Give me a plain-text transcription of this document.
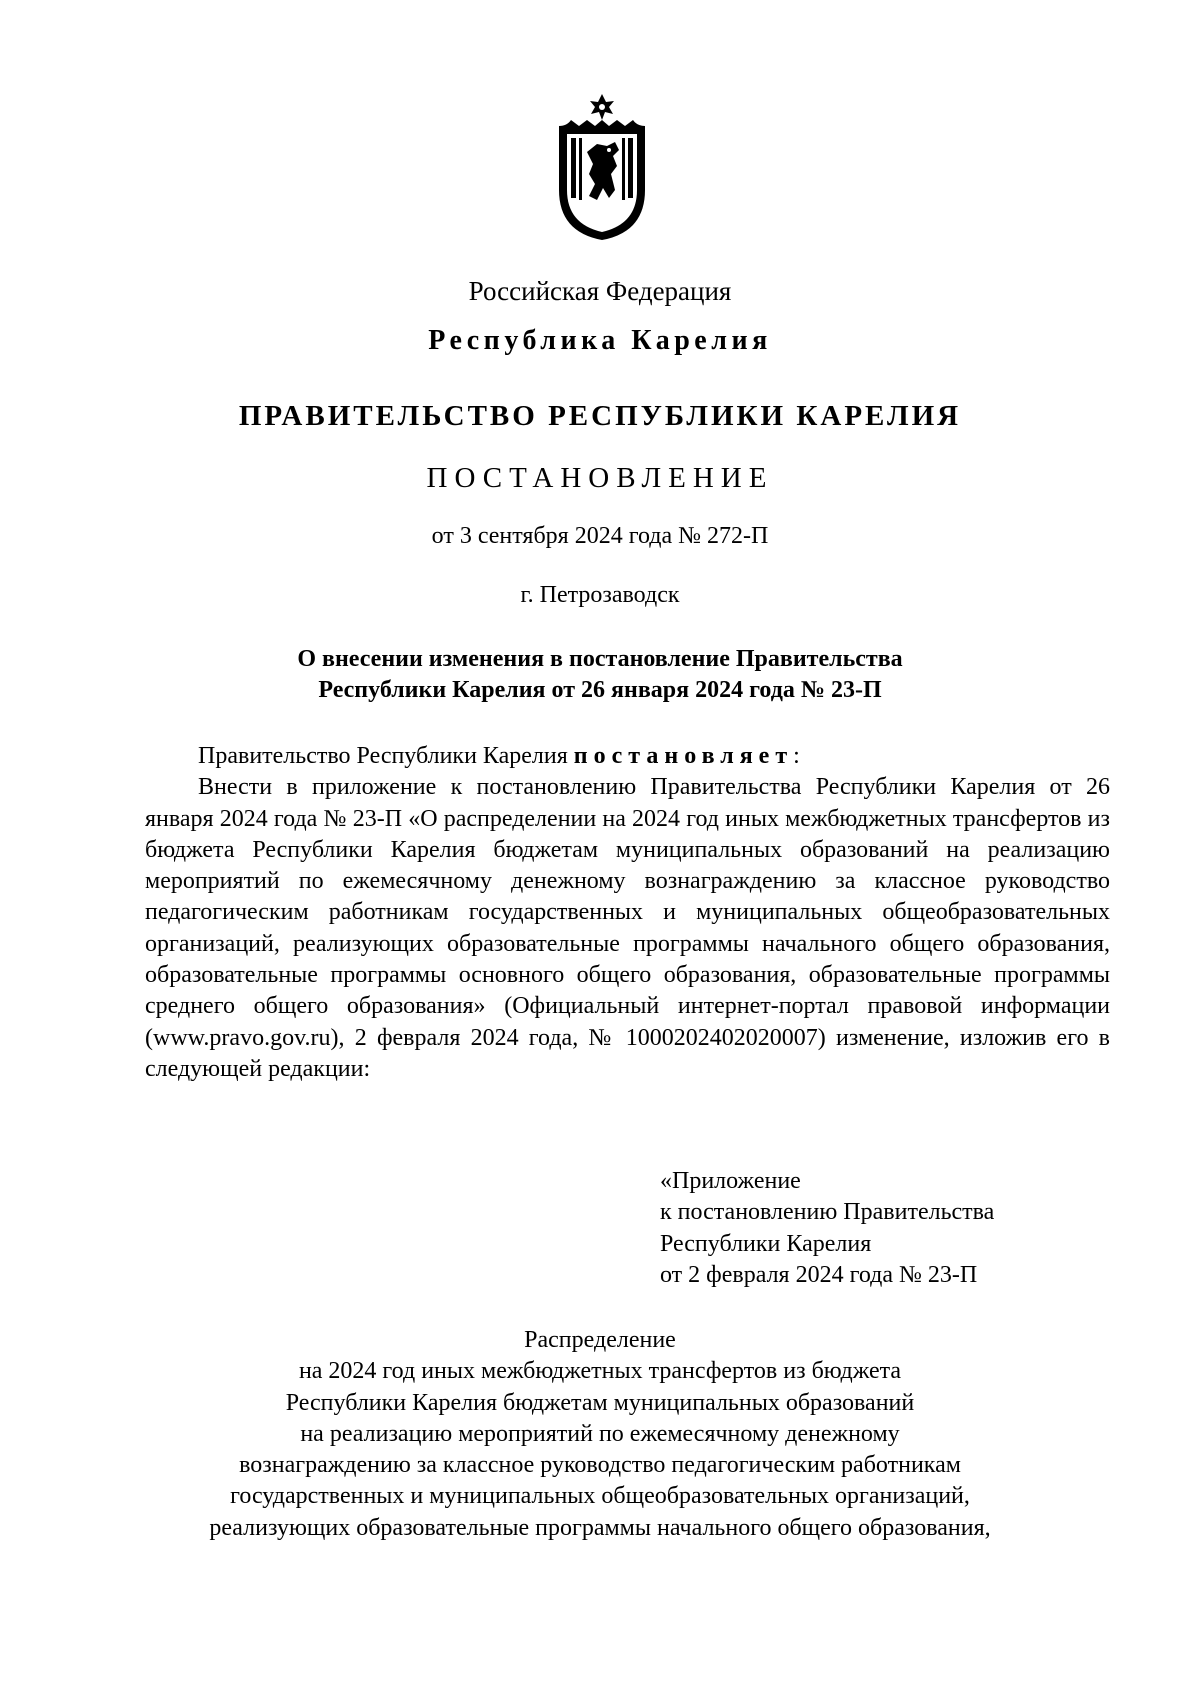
Российская Федерация
Республика Карелия
ПРАВИТЕЛЬСТВО РЕСПУБЛИКИ КАРЕЛИЯ
ПОСТАНОВЛЕНИЕ
от 3 сентября 2024 года № 272-П
г. Петрозаводск
О внесении изменения в постановление Правительства
Республики Карелия от 26 января 2024 года № 23-П

Правительство Республики Карелия постановляет:

Внести в приложение к постановлению Правительства Республики Карелия от 26 января 2024 года № 23-П «О распределении на 2024 год иных межбюджетных трансфертов из бюджета Республики Карелия бюджетам муниципальных образований на реализацию мероприятий по ежемесячному денежному вознаграждению за классное руководство педагогическим работникам государственных и муниципальных общеобразовательных организаций, реализующих образовательные программы начального общего образования, образовательные программы основного общего образования, образовательные программы среднего общего образования» (Официальный интернет-портал правовой информации (www.pravo.gov.ru), 2 февраля 2024 года, № 1000202402020007) изменение, изложив его в следующей редакции:

«Приложение
к постановлению Правительства
Республики Карелия
от 2 февраля 2024 года № 23-П
Распределение
на 2024 год иных межбюджетных трансфертов из бюджета
Республики Карелия бюджетам муниципальных образований
на реализацию мероприятий по ежемесячному денежному
вознаграждению за классное руководство педагогическим работникам
государственных и муниципальных общеобразовательных организаций,
реализующих образовательные программы начального общего образования,
